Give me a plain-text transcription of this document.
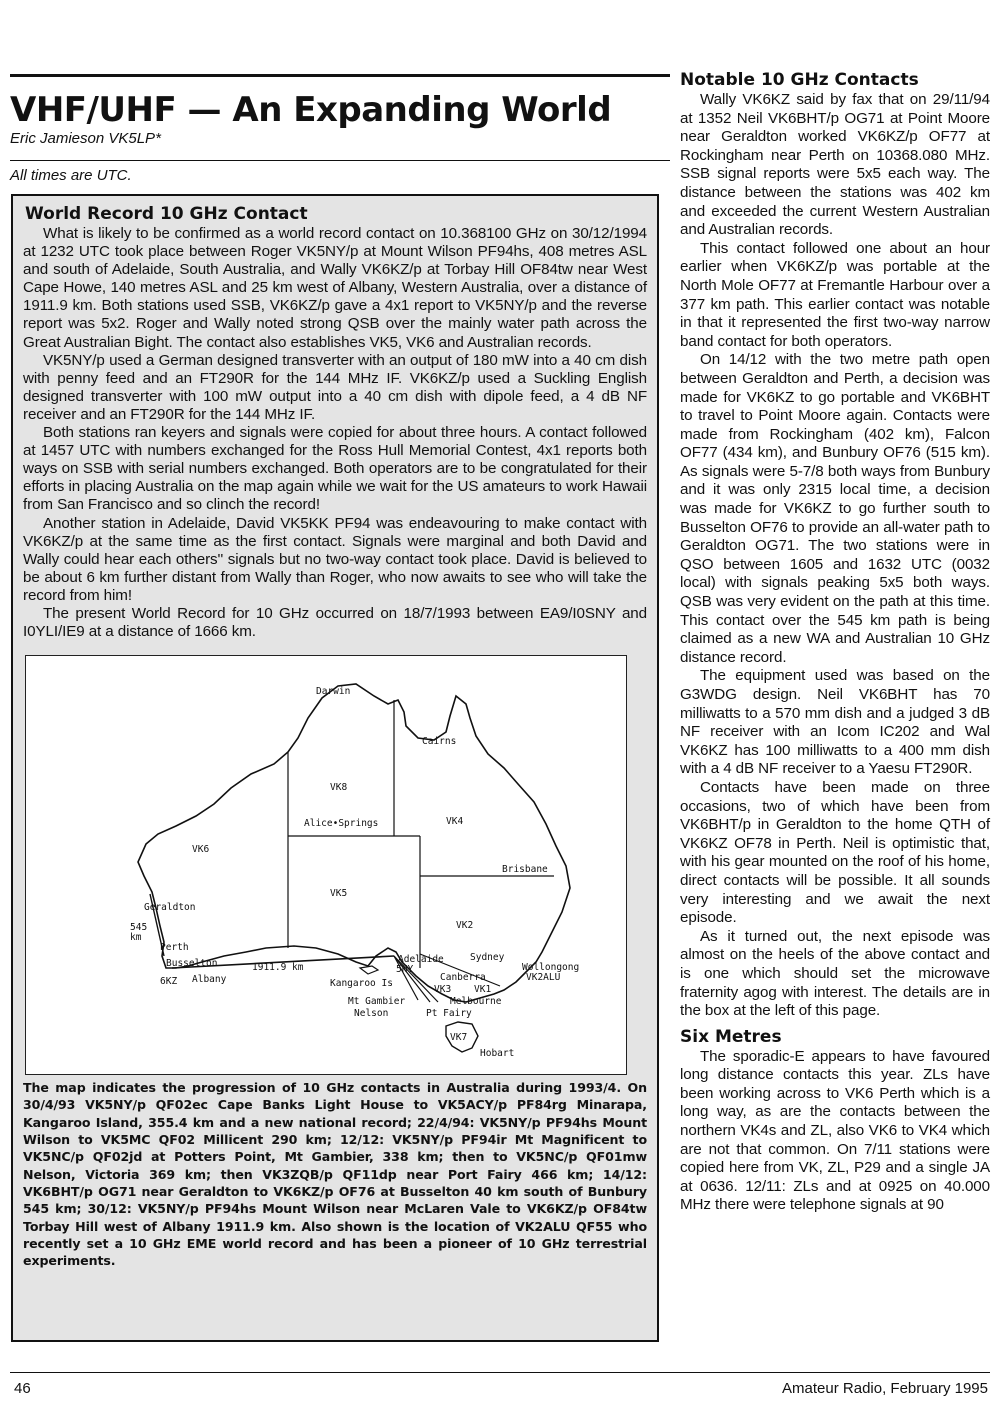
VHF/UHF — An Expanding World
Eric Jamieson VK5LP*
All times are UTC.
World Record 10 GHz Contact

What is likely to be confirmed as a world record contact on 10.368100 GHz on 30/12/1994 at 1232 UTC took place between Roger VK5NY/p at Mount Wilson PF94hs, 408 metres ASL and south of Adelaide, South Australia, and Wally VK6KZ/p at Torbay Hill OF84tw near West Cape Howe, 140 metres ASL and 25 km west of Albany, Western Australia, over a distance of 1911.9 km. Both stations used SSB, VK6KZ/p gave a 4x1 report to VK5NY/p and the reverse report was 5x2. Roger and Wally noted strong QSB over the mainly water path across the Great Australian Bight. The contact also establishes VK5, VK6 and Australian records.

VK5NY/p used a German designed transverter with an output of 180 mW into a 40 cm dish with penny feed and an FT290R for the 144 MHz IF. VK6KZ/p used a Suckling English designed transverter with 100 mW output into a 40 cm dish with dipole feed, a 4 dB NF receiver and an FT290R for the 144 MHz IF.

Both stations ran keyers and signals were copied for about three hours. A contact followed at 1457 UTC with numbers exchanged for the Ross Hull Memorial Contest, 4x1 reports both ways on SSB with serial numbers exchanged. Both operators are to be congratulated for their efforts in placing Australia on the map again while we wait for the US amateurs to work Hawaii from San Francisco and so clinch the record!

Another station in Adelaide, David VK5KK PF94 was endeavouring to make contact with VK6KZ/p at the same time as the first contact. Signals were marginal and both David and Wally could hear each others'' signals but no two-way contact took place. David is believed to be about 6 km further distant from Wally than Roger, who now awaits to see who will take the record from him!

The present World Record for 10 GHz occurred on 18/7/1993 between EA9/I0SNY and I0YLI/IE9 at a distance of 1666 km.

Darwin
Cairns
Alice•Springs
Brisbane
Geraldton
Perth
Busselton
Albany
Adelaide	Sydney
Wollongong
Canberra
Melbourne
Kangaroo Is
Mt Gambier
Nelson	Pt Fairy
Hobart
VK8
VK4
VK6
VK5
VK2
VK3
VK7
6KZ
5NY
VK2ALU
VK1
1911.9 km
545
km
The map indicates the progression of 10 GHz contacts in Australia during 1993/4. On 30/4/93 VK5NY/p QF02ec Cape Banks Light House to VK5ACY/p PF84rg Minarapa, Kangaroo Island, 355.4 km and a new national record; 22/4/94: VK5NY/p PF94hs Mount Wilson to VK5MC QF02 Millicent 290 km; 12/12: VK5NY/p PF94ir Mt Magnificent to VK5NC/p QF02jd at Potters Point, Mt Gambier, 338 km; then to VK5NC/p QF01mw Nelson, Victoria 369 km; then VK3ZQB/p QF11dp near Port Fairy 466 km; 14/12: VK6BHT/p OG71 near Geraldton to VK6KZ/p OF76 at Busselton 40 km south of Bunbury 545 km; 30/12: VK5NY/p PF94hs Mount Wilson near McLaren Vale to VK6KZ/p OF84tw Torbay Hill west of Albany 1911.9 km. Also shown is the location of VK2ALU QF55 who recently set a 10 GHz EME world record and has been a pioneer of 10 GHz terrestrial experiments.
Notable 10 GHz Contacts

Wally VK6KZ said by fax that on 29/11/94 at 1352 Neil VK6BHT/p OG71 at Point Moore near Geraldton worked VK6KZ/p OF77 at Rockingham near Perth on 10368.080 MHz. SSB signal reports were 5x5 each way. The distance between the stations was 402 km and exceeded the current Western Australian and Australian records.

This contact followed one about an hour earlier when VK6KZ/p was portable at the North Mole OF77 at Fremantle Harbour over a 377 km path. This earlier contact was notable in that it represented the first two-way narrow band contact for both operators.

On 14/12 with the two metre path open between Geraldton and Perth, a decision was made for VK6KZ to go portable and VK6BHT to travel to Point Moore again. Contacts were made from Rockingham (402 km), Falcon OF77 (434 km), and Bunbury OF76 (515 km). As signals were 5-7/8 both ways from Bunbury and it was only 2315 local time, a decision was made for VK6KZ to go further south to Busselton OF76 to provide an all-water path to Geraldton OG71. The two stations were in QSO between 1605 and 1632 UTC (0032 local) with signals peaking 5x5 both ways. QSB was very evident on the path at this time. This contact over the 545 km path is being claimed as a new WA and Australian 10 GHz distance record.

The equipment used was based on the G3WDG design. Neil VK6BHT has 70 milliwatts to a 570 mm dish and a judged 3 dB NF receiver with an Icom IC202 and Wal VK6KZ has 100 milliwatts to a 400 mm dish with a 4 dB NF receiver to a Yaesu FT290R.

Contacts have been made on three occasions, two of which have been from VK6BHT/p in Geraldton to the home QTH of VK6KZ OF78 in Perth. Neil is optimistic that, with his gear mounted on the roof of his home, direct contacts will be possible. It all sounds very interesting and we await the next episode.

As it turned out, the next episode was almost on the heels of the above contact and is one which should set the microwave fraternity agog with interest. The details are in the box at the left of this page.

Six Metres

The sporadic-E appears to have favoured long distance contacts this year. ZLs have been working across to VK6 Perth which is a long way, as are the contacts between the northern VK4s and ZL, also VK6 to VK4 which are not that common. On 7/11 stations were copied here from VK, ZL, P29 and a single JA at 0636. 12/11: ZLs and at 0925 on 40.000 MHz there were telephone signals at 90

46	Amateur Radio, February 1995
